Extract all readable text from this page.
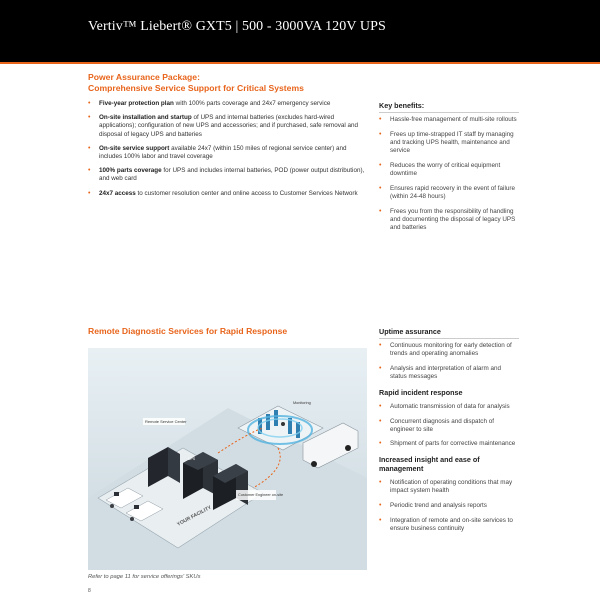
Vertiv™ Liebert® GXT5 | 500 - 3000VA 120V UPS
Power Assurance Package:
Comprehensive Service Support for Critical Systems
• Five-year protection plan with 100% parts coverage and 24x7 emergency service
• On-site installation and startup of UPS and internal batteries (excludes hard-wired applications); configuration of new UPS and accessories; and if purchased, safe removal and disposal of legacy UPS and batteries
• On-site service support available 24x7 (within 150 miles of regional service center) and includes 100% labor and travel coverage
• 100% parts coverage for UPS and includes internal batteries, POD (power output distribution), and web card
• 24x7 access to customer resolution center and online access to Customer Services Network
Key benefits:
• Hassle-free management of multi-site rollouts
• Frees up time-strapped IT staff by managing and tracking UPS health, maintenance and service
• Reduces the worry of critical equipment downtime
• Ensures rapid recovery in the event of failure (within 24-48 hours)
• Frees you from the responsibility of handling and documenting the disposal of legacy UPS and batteries
Remote Diagnostic Services for Rapid Response
Remote Service Center
Customer Engineer on-site
UPS
Monitoring
YOUR FACILITY
Refer to page 11 for service offerings' SKUs
8
Uptime assurance
• Continuous monitoring for early detection of trends and operating anomalies
• Analysis and interpretation of alarm and status messages
Rapid incident response
• Automatic transmission of data for analysis
• Concurrent diagnosis and dispatch of engineer to site
• Shipment of parts for corrective maintenance
Increased insight and ease of management
• Notification of operating conditions that may impact system health
• Periodic trend and analysis reports
• Integration of remote and on-site services to ensure business continuity
